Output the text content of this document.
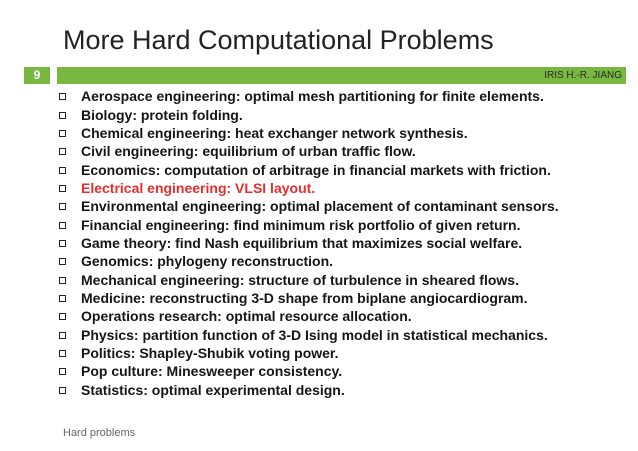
More Hard Computational Problems
9	IRIS H.-R. JIANG
Aerospace engineering: optimal mesh partitioning for finite elements.
Biology: protein folding.
Chemical engineering: heat exchanger network synthesis.
Civil engineering: equilibrium of urban traffic flow.
Economics: computation of arbitrage in financial markets with friction.
Electrical engineering: VLSI layout.
Environmental engineering: optimal placement of contaminant sensors.
Financial engineering: find minimum risk portfolio of given return.
Game theory: find Nash equilibrium that maximizes social welfare.
Genomics: phylogeny reconstruction.
Mechanical engineering: structure of turbulence in sheared flows.
Medicine: reconstructing 3-D shape from biplane angiocardiogram.
Operations research: optimal resource allocation.
Physics: partition function of 3-D Ising model in statistical mechanics.
Politics: Shapley-Shubik voting power.
Pop culture: Minesweeper consistency.
Statistics: optimal experimental design.
Hard problems
